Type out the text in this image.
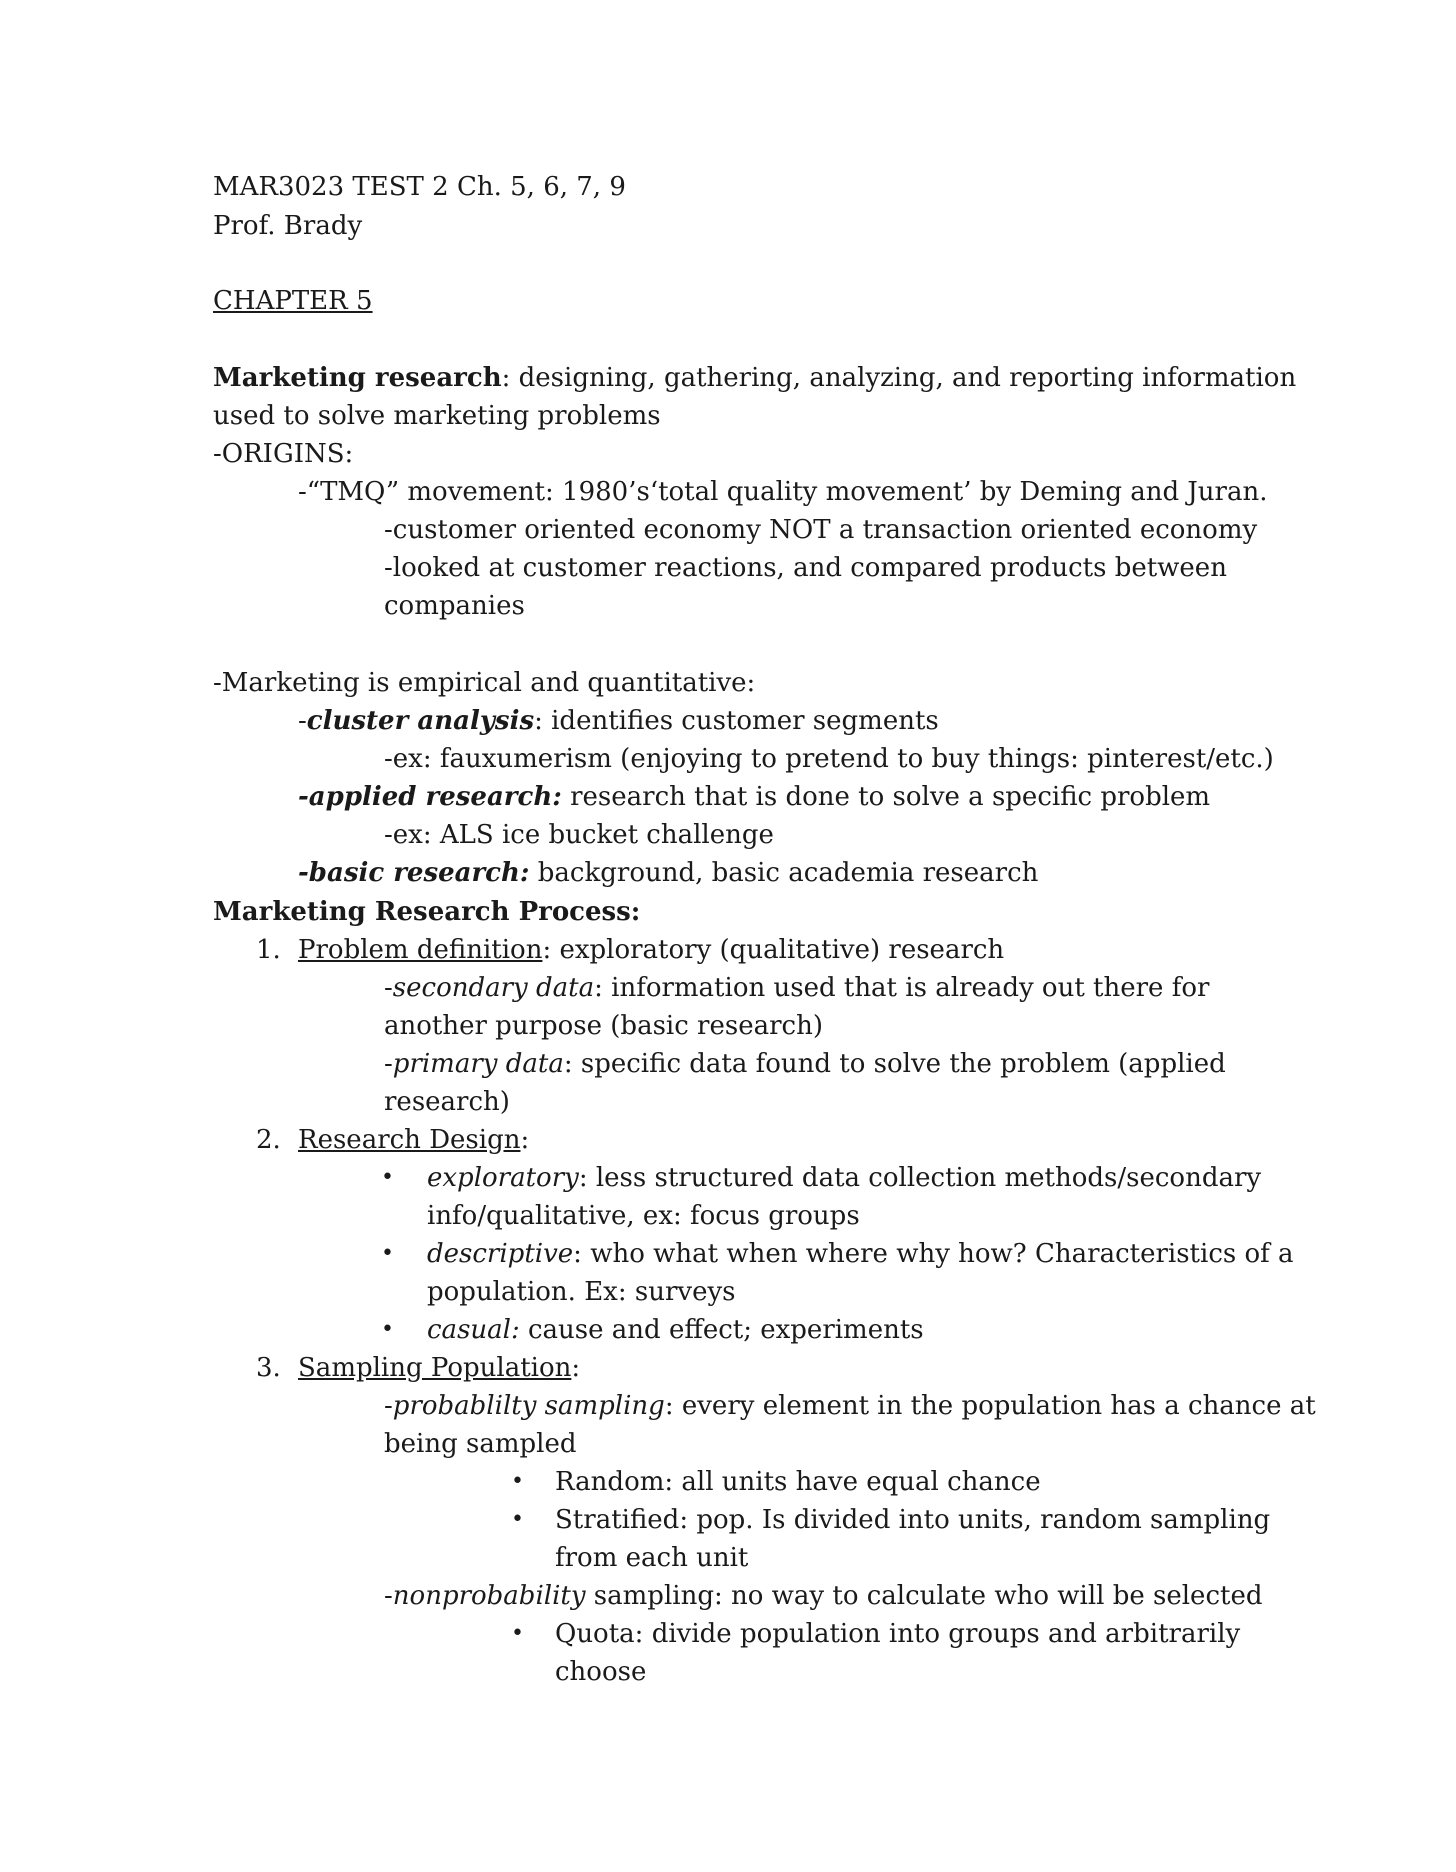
MAR3023 TEST 2 Ch. 5, 6, 7, 9
Prof. Brady
CHAPTER 5
Marketing research: designing, gathering, analyzing, and reporting information
used to solve marketing problems
-ORIGINS:
-“TMQ” movement: 1980’s‘total quality movement’ by Deming and Juran.
-customer oriented economy NOT a transaction oriented economy
-looked at customer reactions, and compared products between
companies
-Marketing is empirical and quantitative:
-cluster analysis: identifies customer segments
-ex: fauxumerism (enjoying to pretend to buy things: pinterest/etc.)
-applied research: research that is done to solve a specific problem
-ex: ALS ice bucket challenge
-basic research: background, basic academia research
Marketing Research Process:
1. Problem definition: exploratory (qualitative) research
-secondary data: information used that is already out there for
another purpose (basic research)
-primary data: specific data found to solve the problem (applied
research)
2. Research Design:
• exploratory: less structured data collection methods/secondary
info/qualitative, ex: focus groups
• descriptive: who what when where why how? Characteristics of a
population. Ex: surveys
• casual: cause and effect; experiments
3. Sampling Population:
-probablilty sampling: every element in the population has a chance at
being sampled
• Random: all units have equal chance
• Stratified: pop. Is divided into units, random sampling
from each unit
-nonprobability sampling: no way to calculate who will be selected
• Quota: divide population into groups and arbitrarily
choose
